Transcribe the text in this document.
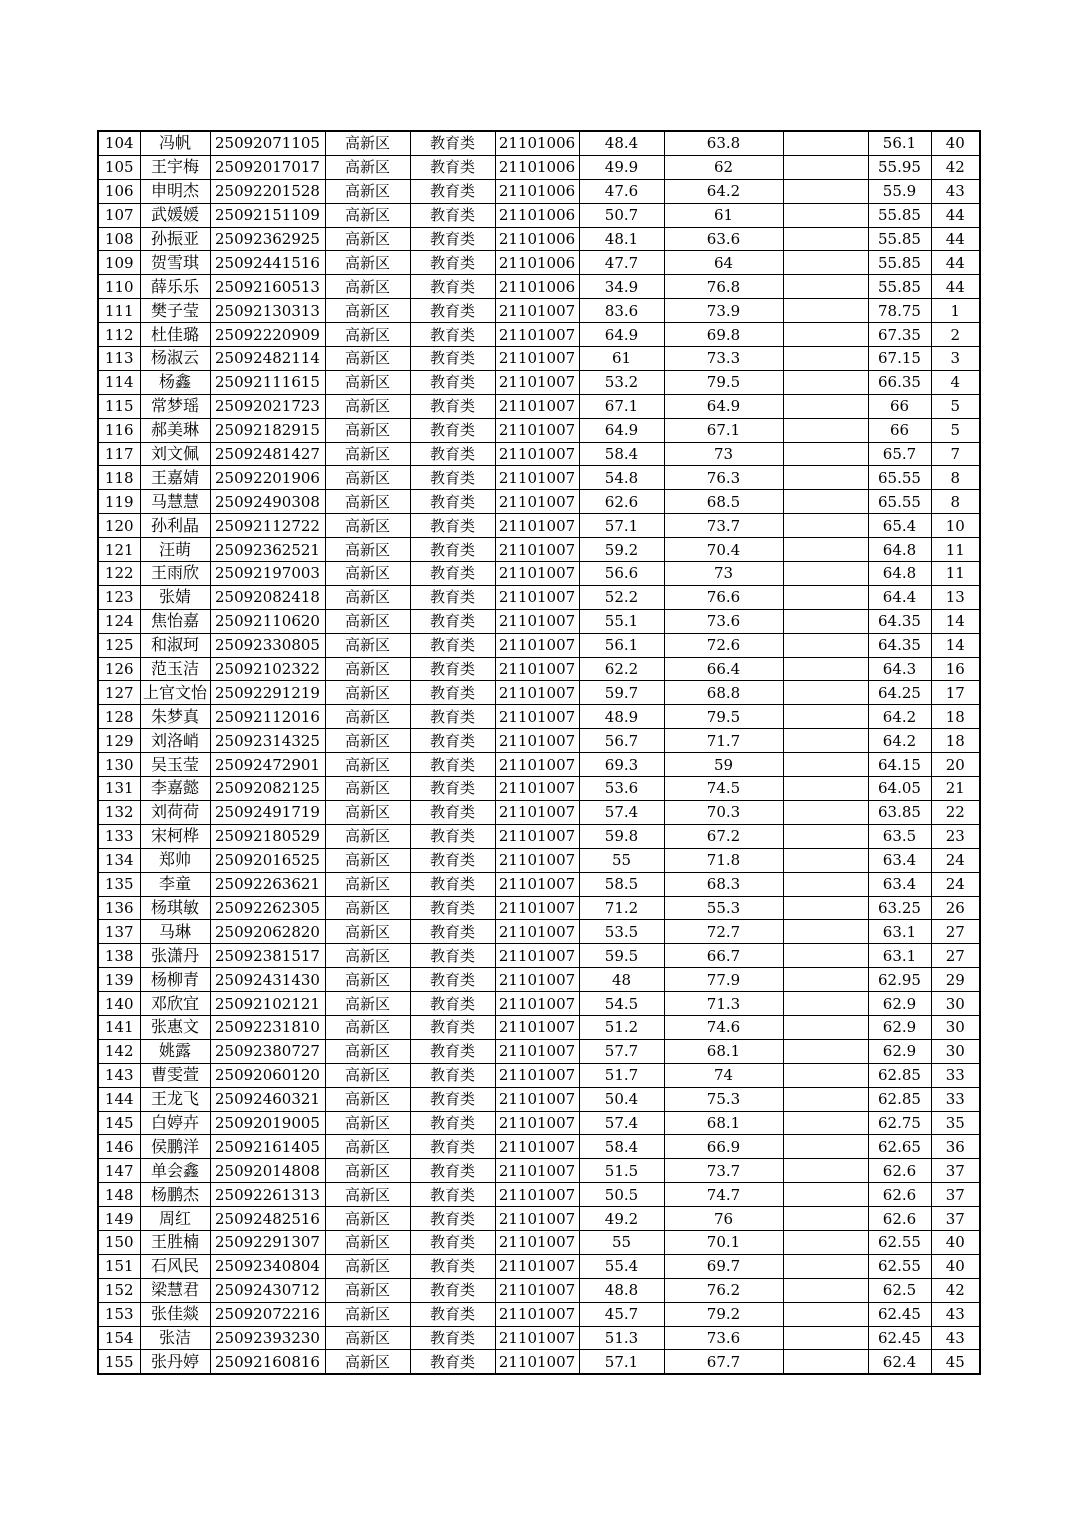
104	冯帆	25092071105	高新区	教育类	21101006	48.4	63.8		56.1	40
105	王宇梅	25092017017	高新区	教育类	21101006	49.9	62		55.95	42
106	申明杰	25092201528	高新区	教育类	21101006	47.6	64.2		55.9	43
107	武媛媛	25092151109	高新区	教育类	21101006	50.7	61		55.85	44
108	孙振亚	25092362925	高新区	教育类	21101006	48.1	63.6		55.85	44
109	贺雪琪	25092441516	高新区	教育类	21101006	47.7	64		55.85	44
110	薛乐乐	25092160513	高新区	教育类	21101006	34.9	76.8		55.85	44
111	樊子莹	25092130313	高新区	教育类	21101007	83.6	73.9		78.75	1
112	杜佳璐	25092220909	高新区	教育类	21101007	64.9	69.8		67.35	2
113	杨淑云	25092482114	高新区	教育类	21101007	61	73.3		67.15	3
114	杨鑫	25092111615	高新区	教育类	21101007	53.2	79.5		66.35	4
115	常梦瑶	25092021723	高新区	教育类	21101007	67.1	64.9		66	5
116	郝美琳	25092182915	高新区	教育类	21101007	64.9	67.1		66	5
117	刘文佩	25092481427	高新区	教育类	21101007	58.4	73		65.7	7
118	王嘉婧	25092201906	高新区	教育类	21101007	54.8	76.3		65.55	8
119	马慧慧	25092490308	高新区	教育类	21101007	62.6	68.5		65.55	8
120	孙利晶	25092112722	高新区	教育类	21101007	57.1	73.7		65.4	10
121	汪萌	25092362521	高新区	教育类	21101007	59.2	70.4		64.8	11
122	王雨欣	25092197003	高新区	教育类	21101007	56.6	73		64.8	11
123	张婧	25092082418	高新区	教育类	21101007	52.2	76.6		64.4	13
124	焦怡嘉	25092110620	高新区	教育类	21101007	55.1	73.6		64.35	14
125	和淑珂	25092330805	高新区	教育类	21101007	56.1	72.6		64.35	14
126	范玉洁	25092102322	高新区	教育类	21101007	62.2	66.4		64.3	16
127	上官文怡	25092291219	高新区	教育类	21101007	59.7	68.8		64.25	17
128	朱梦真	25092112016	高新区	教育类	21101007	48.9	79.5		64.2	18
129	刘洛峭	25092314325	高新区	教育类	21101007	56.7	71.7		64.2	18
130	吴玉莹	25092472901	高新区	教育类	21101007	69.3	59		64.15	20
131	李嘉懿	25092082125	高新区	教育类	21101007	53.6	74.5		64.05	21
132	刘荷荷	25092491719	高新区	教育类	21101007	57.4	70.3		63.85	22
133	宋柯桦	25092180529	高新区	教育类	21101007	59.8	67.2		63.5	23
134	郑帅	25092016525	高新区	教育类	21101007	55	71.8		63.4	24
135	李童	25092263621	高新区	教育类	21101007	58.5	68.3		63.4	24
136	杨琪敏	25092262305	高新区	教育类	21101007	71.2	55.3		63.25	26
137	马琳	25092062820	高新区	教育类	21101007	53.5	72.7		63.1	27
138	张潇丹	25092381517	高新区	教育类	21101007	59.5	66.7		63.1	27
139	杨柳青	25092431430	高新区	教育类	21101007	48	77.9		62.95	29
140	邓欣宜	25092102121	高新区	教育类	21101007	54.5	71.3		62.9	30
141	张惠文	25092231810	高新区	教育类	21101007	51.2	74.6		62.9	30
142	姚露	25092380727	高新区	教育类	21101007	57.7	68.1		62.9	30
143	曹雯萱	25092060120	高新区	教育类	21101007	51.7	74		62.85	33
144	王龙飞	25092460321	高新区	教育类	21101007	50.4	75.3		62.85	33
145	白婷卉	25092019005	高新区	教育类	21101007	57.4	68.1		62.75	35
146	侯鹏洋	25092161405	高新区	教育类	21101007	58.4	66.9		62.65	36
147	单会鑫	25092014808	高新区	教育类	21101007	51.5	73.7		62.6	37
148	杨鹏杰	25092261313	高新区	教育类	21101007	50.5	74.7		62.6	37
149	周红	25092482516	高新区	教育类	21101007	49.2	76		62.6	37
150	王胜楠	25092291307	高新区	教育类	21101007	55	70.1		62.55	40
151	石风民	25092340804	高新区	教育类	21101007	55.4	69.7		62.55	40
152	梁慧君	25092430712	高新区	教育类	21101007	48.8	76.2		62.5	42
153	张佳燚	25092072216	高新区	教育类	21101007	45.7	79.2		62.45	43
154	张洁	25092393230	高新区	教育类	21101007	51.3	73.6		62.45	43
155	张丹婷	25092160816	高新区	教育类	21101007	57.1	67.7		62.4	45
